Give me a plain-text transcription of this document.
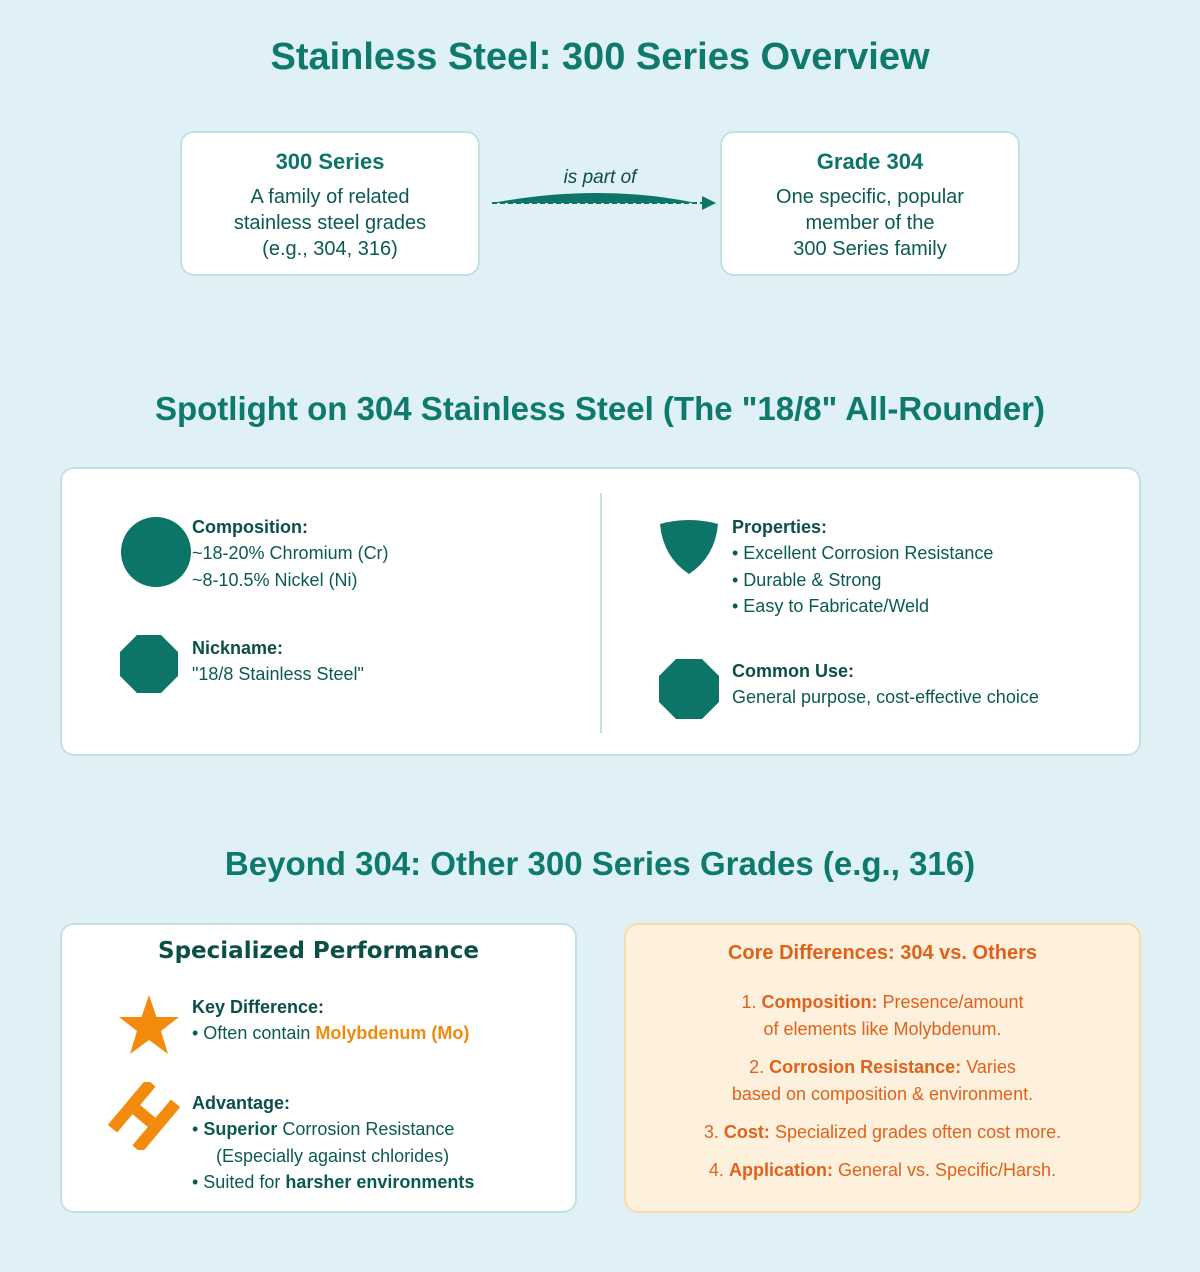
Stainless Steel: 300 Series Overview
300 Series
A family of related
stainless steel grades
(e.g., 304, 316)
is part of
Grade 304
One specific, popular
member of the
300 Series family
Spotlight on 304 Stainless Steel (The "18/8" All-Rounder)
Composition:
~18-20% Chromium (Cr)
~8-10.5% Nickel (Ni)
Nickname:
"18/8 Stainless Steel"
Properties:
• Excellent Corrosion Resistance
• Durable & Strong
• Easy to Fabricate/Weld
Common Use:
General purpose, cost-effective choice
Beyond 304: Other 300 Series Grades (e.g., 316)
Specialized Performance
Key Difference:
• Often contain Molybdenum (Mo)
Advantage:
• Superior Corrosion Resistance
(Especially against chlorides)
• Suited for harsher environments
Core Differences: 304 vs. Others
1. Composition: Presence/amount
of elements like Molybdenum.
2. Corrosion Resistance: Varies
based on composition & environment.
3. Cost: Specialized grades often cost more.
4. Application: General vs. Specific/Harsh.
